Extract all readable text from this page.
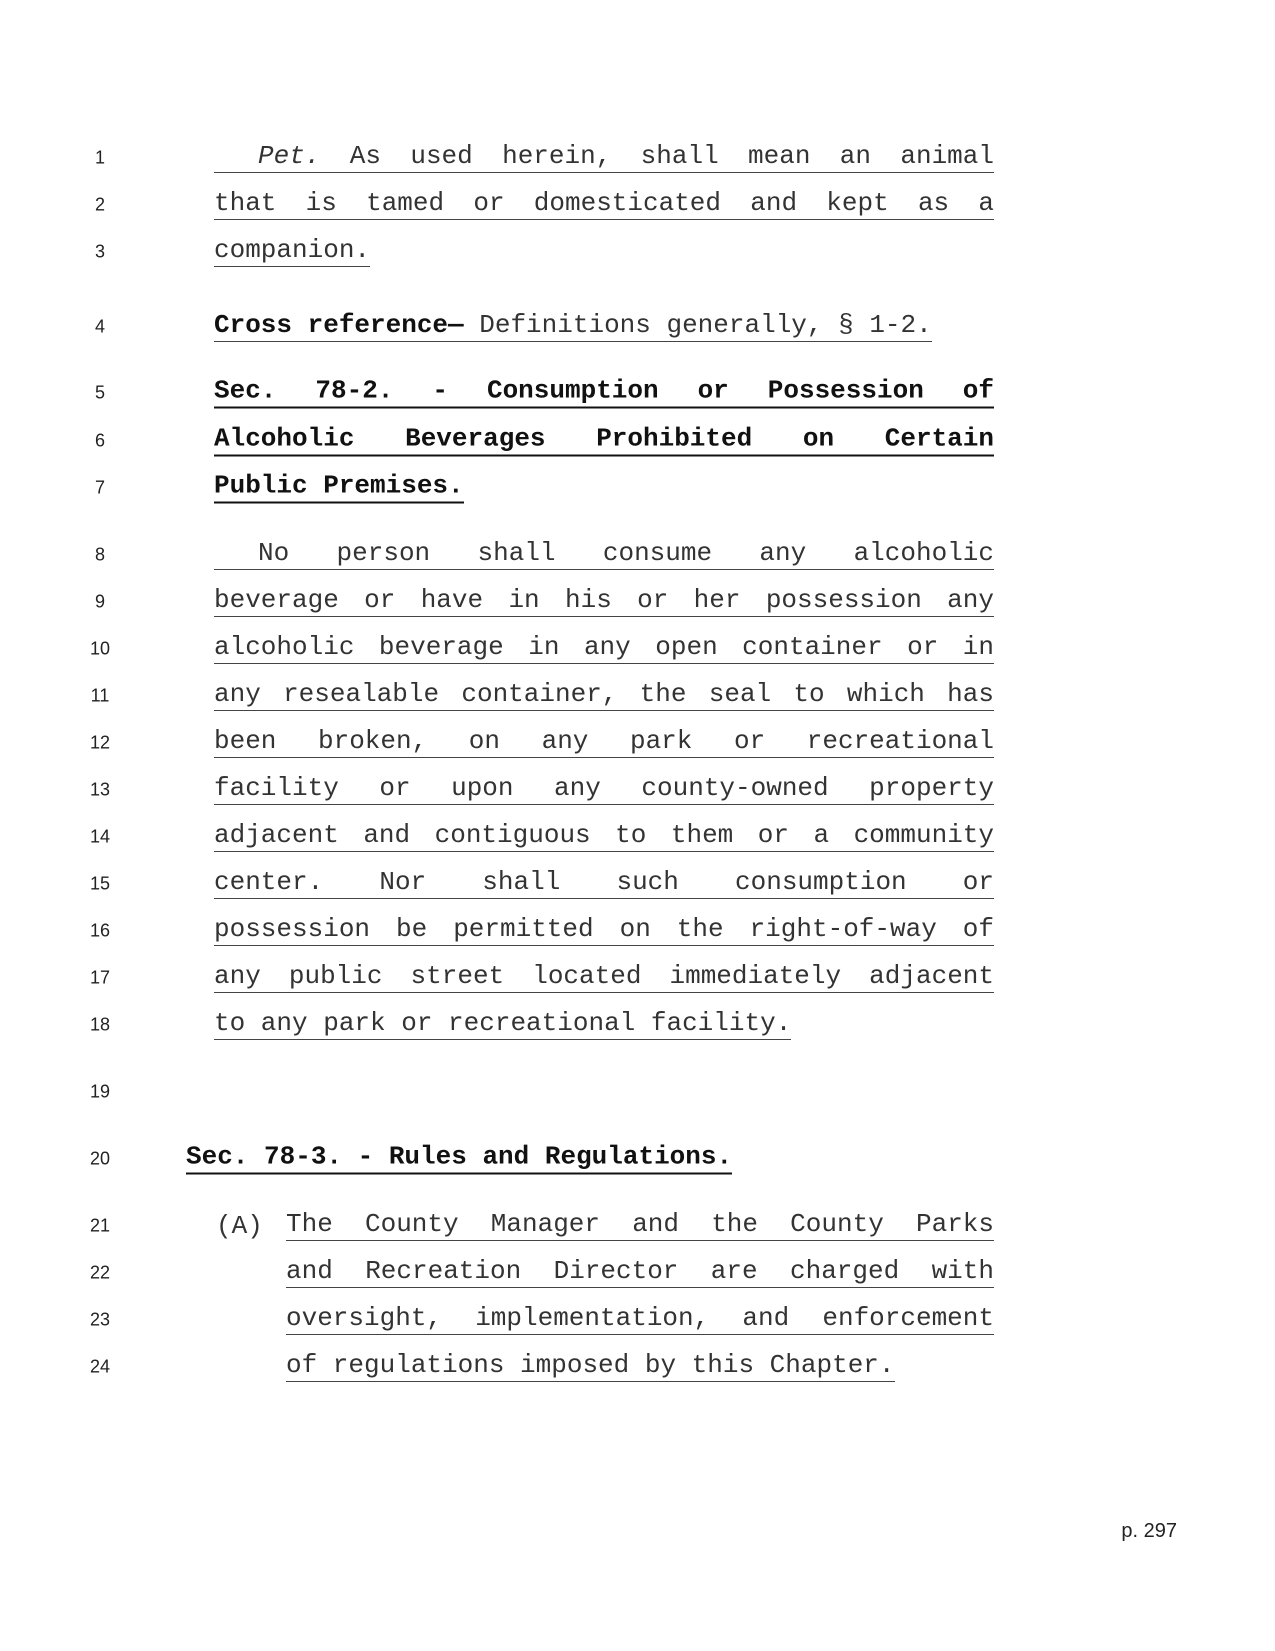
1
2
3
4
5
6
7
8
9
10
11
12
13
14
15
16
17
18
19
20
21
22
23
24
Pet. As used herein, shall mean an animal
that is tamed or domesticated and kept as a
companion.
Cross reference— Definitions generally, § 1-2.
Sec. 78-2. - Consumption or Possession of
Alcoholic Beverages Prohibited on Certain
Public Premises.
No person shall consume any alcoholic
beverage or have in his or her possession any
alcoholic beverage in any open container or in
any resealable container, the seal to which has
been broken, on any park or recreational
facility or upon any county-owned property
adjacent and contiguous to them or a community
center. Nor shall such consumption or
possession be permitted on the right-of-way of
any public street located immediately adjacent
to any park or recreational facility.
Sec. 78-3. - Rules and Regulations.
(A) The County Manager and the County Parks
and Recreation Director are charged with
oversight, implementation, and enforcement
of regulations imposed by this Chapter.
p. 297
